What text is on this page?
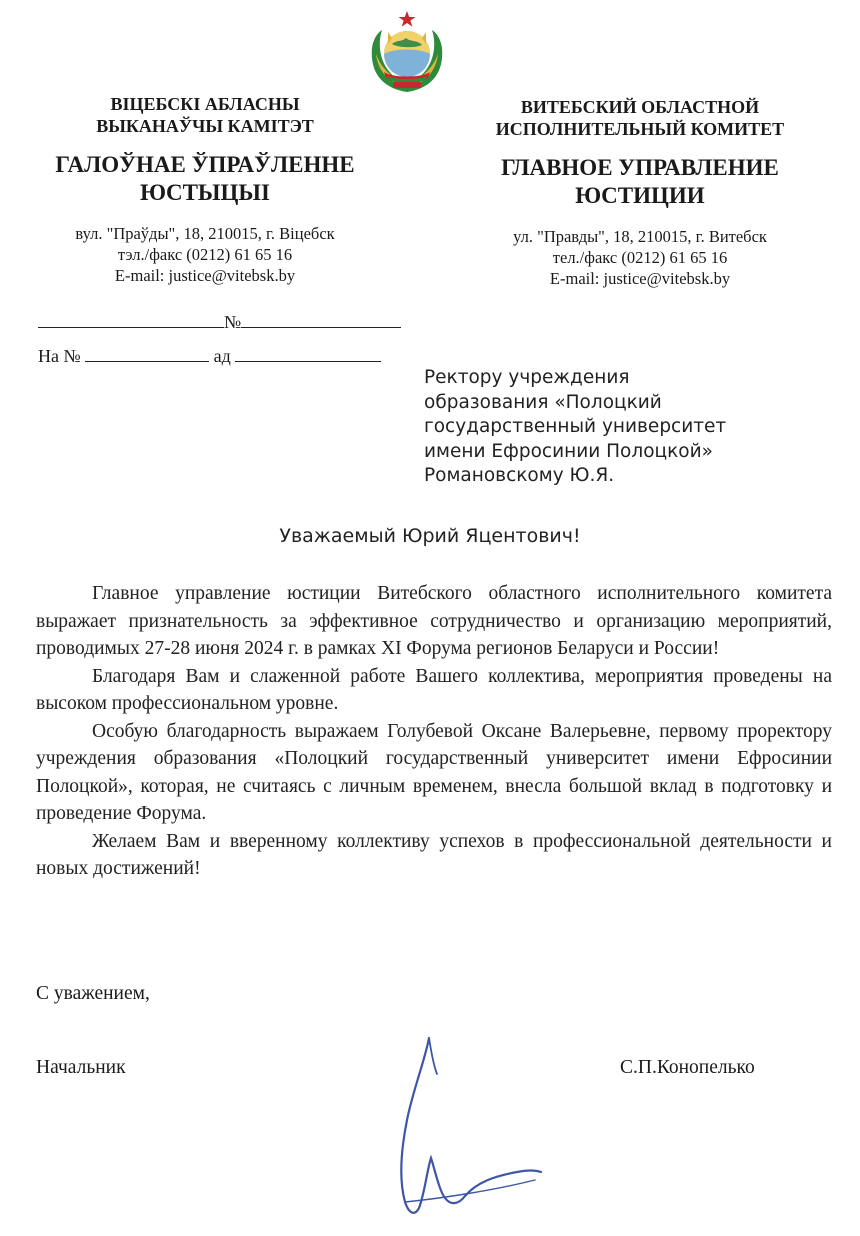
ВІЦЕБСКІ АБЛАСНЫ
ВЫКАНАЎЧЫ КАМІТЭТ
ГАЛОЎНАЕ ЎПРАЎЛЕННЕ
ЮСТЫЦЫІ
вул. "Праўды", 18, 210015, г. Віцебск
тэл./факс (0212) 61 65 16
E-mail: justice@vitebsk.by
ВИТЕБСКИЙ ОБЛАСТНОЙ
ИСПОЛНИТЕЛЬНЫЙ КОМИТЕТ
ГЛАВНОЕ УПРАВЛЕНИЕ
ЮСТИЦИИ
ул. "Правды", 18, 210015, г. Витебск
тел./факс (0212) 61 65 16
E-mail: justice@vitebsk.by
№
На №	ад
Ректору учреждения
образования «Полоцкий
государственный университет
имени Ефросинии Полоцкой»
Романовскому Ю.Я.
Уважаемый Юрий Яцентович!

Главное управление юстиции Витебского областного исполнительного комитета выражает признательность за эффективное сотрудничество и организацию мероприятий, проводимых 27-28 июня 2024 г. в рамках XI Форума регионов Беларуси и России!

Благодаря Вам и слаженной работе Вашего коллектива, мероприятия проведены на высоком профессиональном уровне.

Особую благодарность выражаем Голубевой Оксане Валерьевне, первому проректору учреждения образования «Полоцкий государственный университет имени Ефросинии Полоцкой», которая, не считаясь с личным временем, внесла большой вклад в подготовку и проведение Форума.

Желаем Вам и вверенному коллективу успехов в профессиональной деятельности и новых достижений!

С уважением,
Начальник	С.П.Конопелько
